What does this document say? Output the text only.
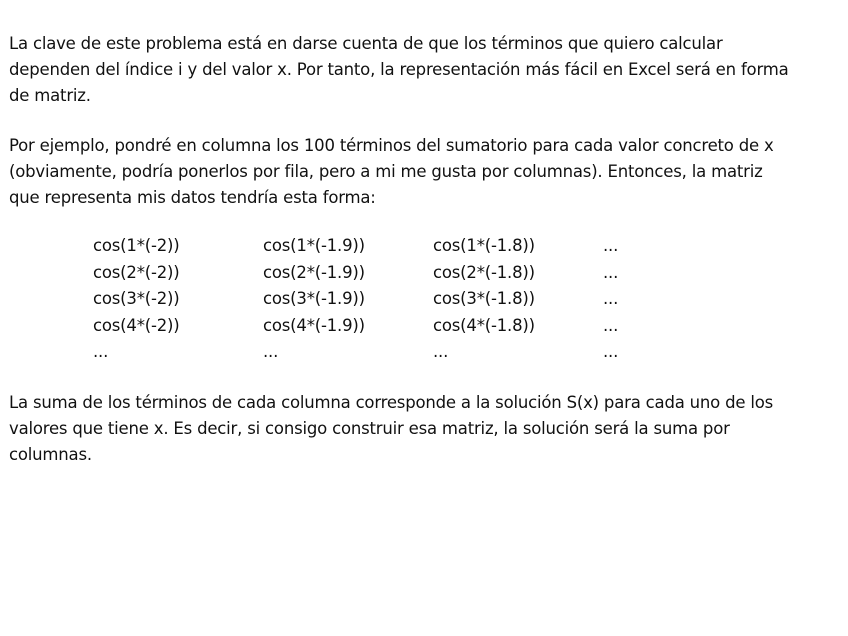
La clave de este problema está en darse cuenta de que los términos que quiero calcular
dependen del índice i y del valor x. Por tanto, la representación más fácil en Excel será en forma
de matriz.

Por ejemplo, pondré en columna los 100 términos del sumatorio para cada valor concreto de x
(obviamente, podría ponerlos por fila, pero a mi me gusta por columnas). Entonces, la matriz
que representa mis datos tendría esta forma:

cos(1*(-2))	cos(1*(-1.9))	cos(1*(-1.8))	...
cos(2*(-2))	cos(2*(-1.9))	cos(2*(-1.8))	...
cos(3*(-2))	cos(3*(-1.9))	cos(3*(-1.8))	...
cos(4*(-2))	cos(4*(-1.9))	cos(4*(-1.8))	...
...	...	...	...

La suma de los términos de cada columna corresponde a la solución S(x) para cada uno de los
valores que tiene x. Es decir, si consigo construir esa matriz, la solución será la suma por
columnas.
